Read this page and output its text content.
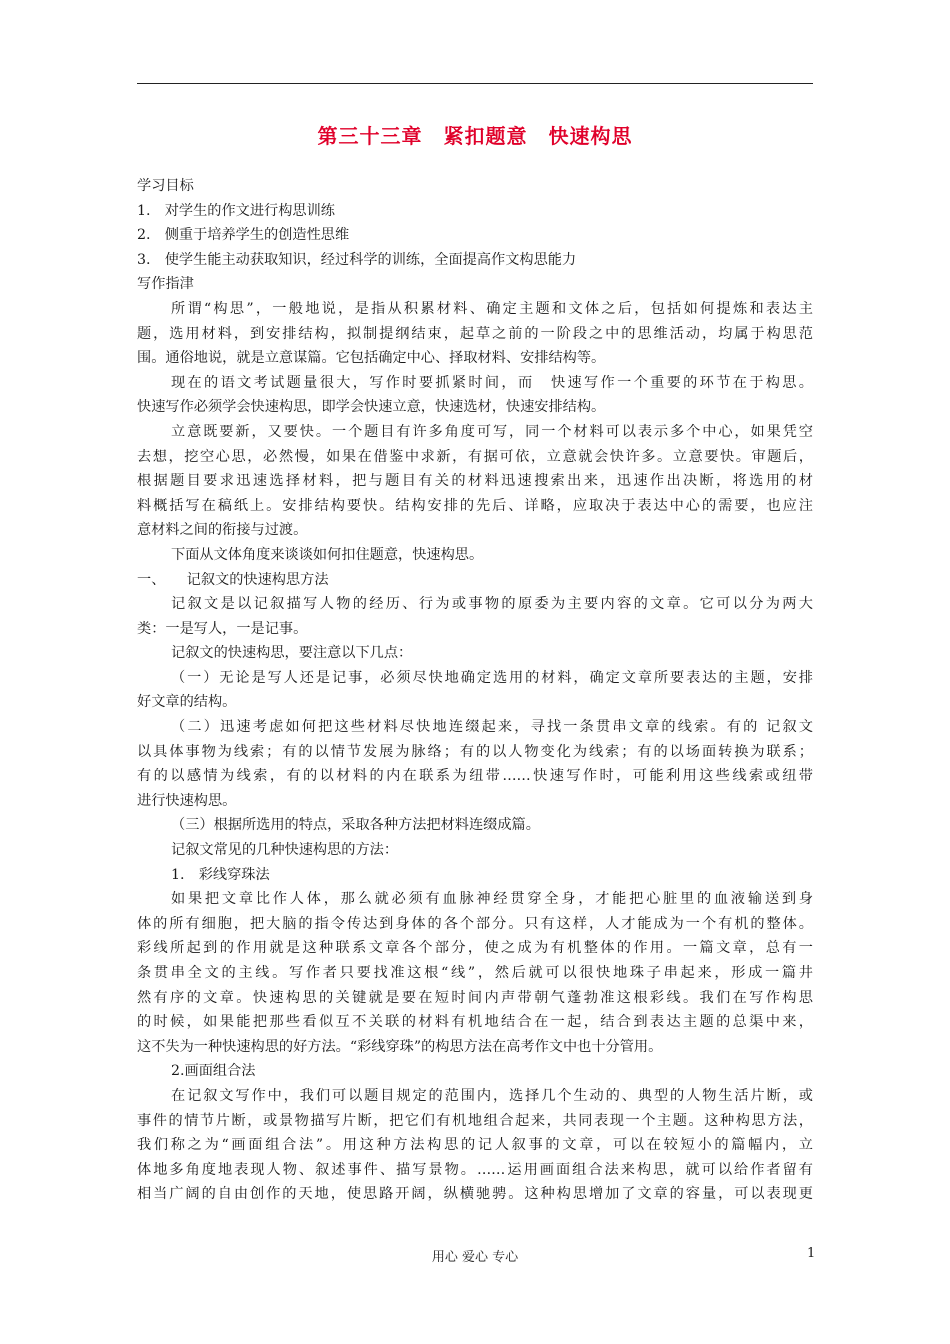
第三十三章　紧扣题意　快速构思
学习目标
1.　对学生的作文进行构思训练
2.　侧重于培养学生的创造性思维
3.　使学生能主动获取知识，经过科学的训练，全面提高作文构思能力
写作指津
所谓“构思”，一般地说，是指从积累材料、确定主题和文体之后，包括如何提炼和表达主
题，选用材料，到安排结构，拟制提纲结束，起草之前的一阶段之中的思维活动，均属于构思范
围。通俗地说，就是立意谋篇。它包括确定中心、择取材料、安排结构等。
现在的语文考试题量很大，写作时要抓紧时间，而　快速写作一个重要的环节在于构思。
快速写作必须学会快速构思，即学会快速立意，快速选材，快速安排结构。
立意既要新，又要快。一个题目有许多角度可写，同一个材料可以表示多个中心，如果凭空
去想，挖空心思，必然慢，如果在借鉴中求新，有据可依，立意就会快许多。立意要快。审题后，
根据题目要求迅速选择材料，把与题目有关的材料迅速搜索出来，迅速作出决断，将选用的材
料概括写在稿纸上。安排结构要快。结构安排的先后、详略，应取决于表达中心的需要，也应注
意材料之间的衔接与过渡。
下面从文体角度来谈谈如何扣住题意，快速构思。
一、　　记叙文的快速构思方法
记叙文是以记叙描写人物的经历、行为或事物的原委为主要内容的文章。它可以分为两大
类：一是写人，一是记事。
记叙文的快速构思，要注意以下几点：
（一）无论是写人还是记事，必须尽快地确定选用的材料，确定文章所要表达的主题，安排
好文章的结构。
（二）迅速考虑如何把这些材料尽快地连缀起来，寻找一条贯串文章的线索。有的 记叙文
以具体事物为线索；有的以情节发展为脉络；有的以人物变化为线索；有的以场面转换为联系；
有的以感情为线索，有的以材料的内在联系为纽带……快速写作时，可能利用这些线索或纽带
进行快速构思。
（三）根据所选用的特点，采取各种方法把材料连缀成篇。
记叙文常见的几种快速构思的方法：
1.　彩线穿珠法
如果把文章比作人体，那么就必须有血脉神经贯穿全身，才能把心脏里的血液输送到身
体的所有细胞，把大脑的指令传达到身体的各个部分。只有这样，人才能成为一个有机的整体。
彩线所起到的作用就是这种联系文章各个部分，使之成为有机整体的作用。一篇文章，总有一
条贯串全文的主线。写作者只要找准这根“线”，然后就可以很快地珠子串起来，形成一篇井
然有序的文章。快速构思的关键就是要在短时间内声带朝气蓬勃准这根彩线。我们在写作构思
的时候，如果能把那些看似互不关联的材料有机地结合在一起，结合到表达主题的总渠中来，
这不失为一种快速构思的好方法。“彩线穿珠”的构思方法在高考作文中也十分管用。
2.画面组合法
在记叙文写作中，我们可以题目规定的范围内，选择几个生动的、典型的人物生活片断，或
事件的情节片断，或景物描写片断，把它们有机地组合起来，共同表现一个主题。这种构思方法，
我们称之为“画面组合法”。用这种方法构思的记人叙事的文章，可以在较短小的篇幅内，立
体地多角度地表现人物、叙述事件、描写景物。……运用画面组合法来构思，就可以给作者留有
相当广阔的自由创作的天地，使思路开阔，纵横驰骋。这种构思增加了文章的容量，可以表现更
用心 爱心 专心	1
